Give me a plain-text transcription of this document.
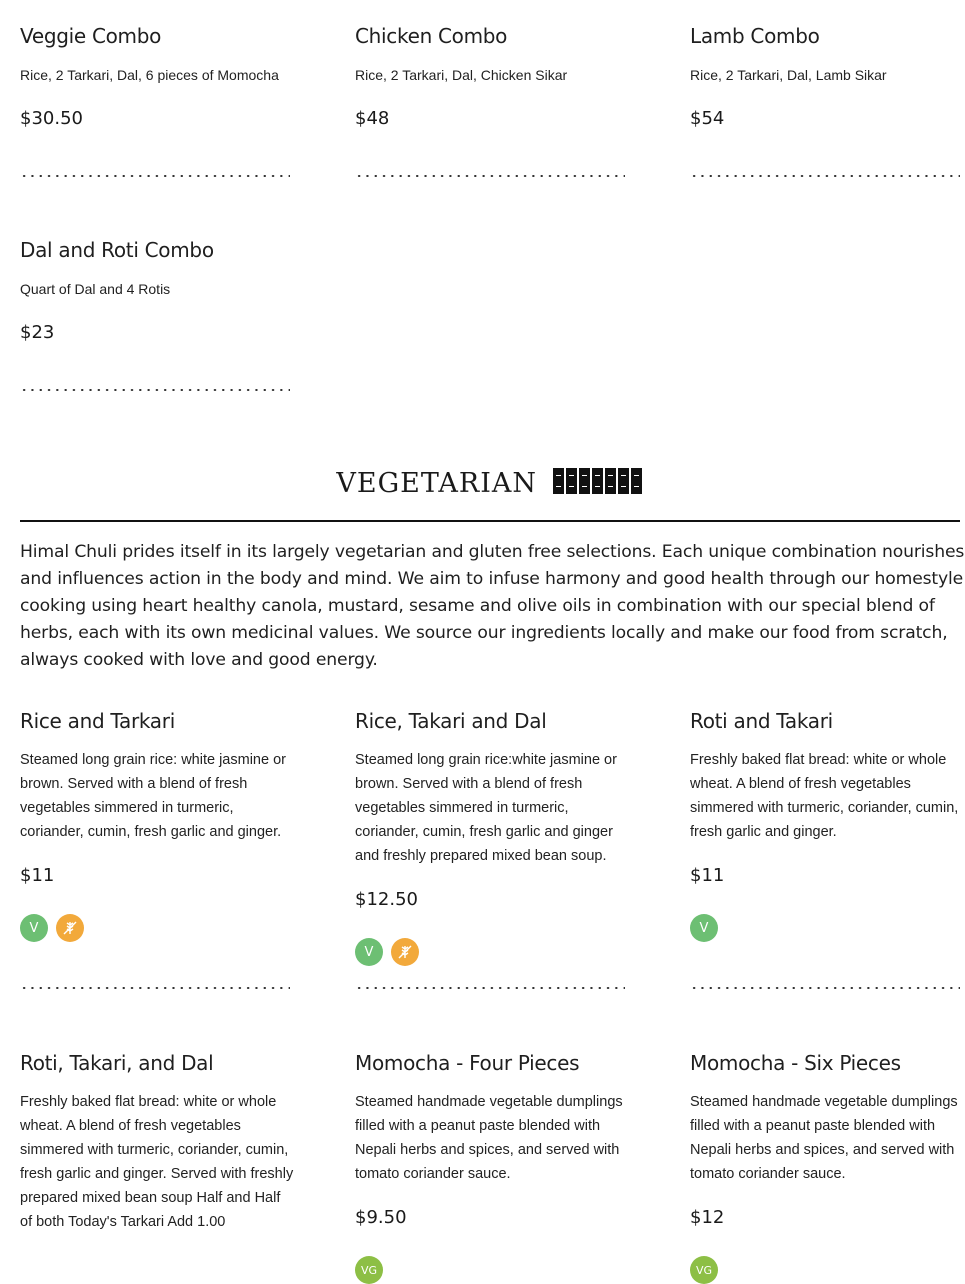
Veggie Combo
Rice, 2 Tarkari, Dal, 6 pieces of Momocha
$30.50
Chicken Combo
Rice, 2 Tarkari, Dal, Chicken Sikar
$48
Lamb Combo
Rice, 2 Tarkari, Dal, Lamb Sikar
$54
Dal and Roti Combo
Quart of Dal and 4 Rotis
$23
VEGETARIAN
Himal Chuli prides itself in its largely vegetarian and gluten free selections. Each unique combination nourishes and influences action in the body and mind. We aim to infuse harmony and good health through our homestyle cooking using heart healthy canola, mustard, sesame and olive oils in combination with our special blend of herbs, each with its own medicinal values. We source our ingredients locally and make our food from scratch, always cooked with love and good energy.
Rice and Tarkari
Steamed long grain rice: white jasmine or brown. Served with a blend of fresh vegetables simmered in turmeric, coriander, cumin, fresh garlic and ginger.
$11
V
Rice, Takari and Dal
Steamed long grain rice:white jasmine or brown. Served with a blend of fresh vegetables simmered in turmeric, coriander, cumin, fresh garlic and ginger and freshly prepared mixed bean soup.
$12.50
V
Roti and Takari
Freshly baked flat bread: white or whole wheat. A blend of fresh vegetables simmered with turmeric, coriander, cumin, fresh garlic and ginger.
$11
V
Roti, Takari, and Dal
Freshly baked flat bread: white or whole wheat. A blend of fresh vegetables simmered with turmeric, coriander, cumin, fresh garlic and ginger. Served with freshly prepared mixed bean soup Half and Half of both Today's Tarkari Add 1.00
Momocha - Four Pieces
Steamed handmade vegetable dumplings filled with a peanut paste blended with Nepali herbs and spices, and served with tomato coriander sauce.
$9.50
VG
Momocha - Six Pieces
Steamed handmade vegetable dumplings filled with a peanut paste blended with Nepali herbs and spices, and served with tomato coriander sauce.
$12
VG
